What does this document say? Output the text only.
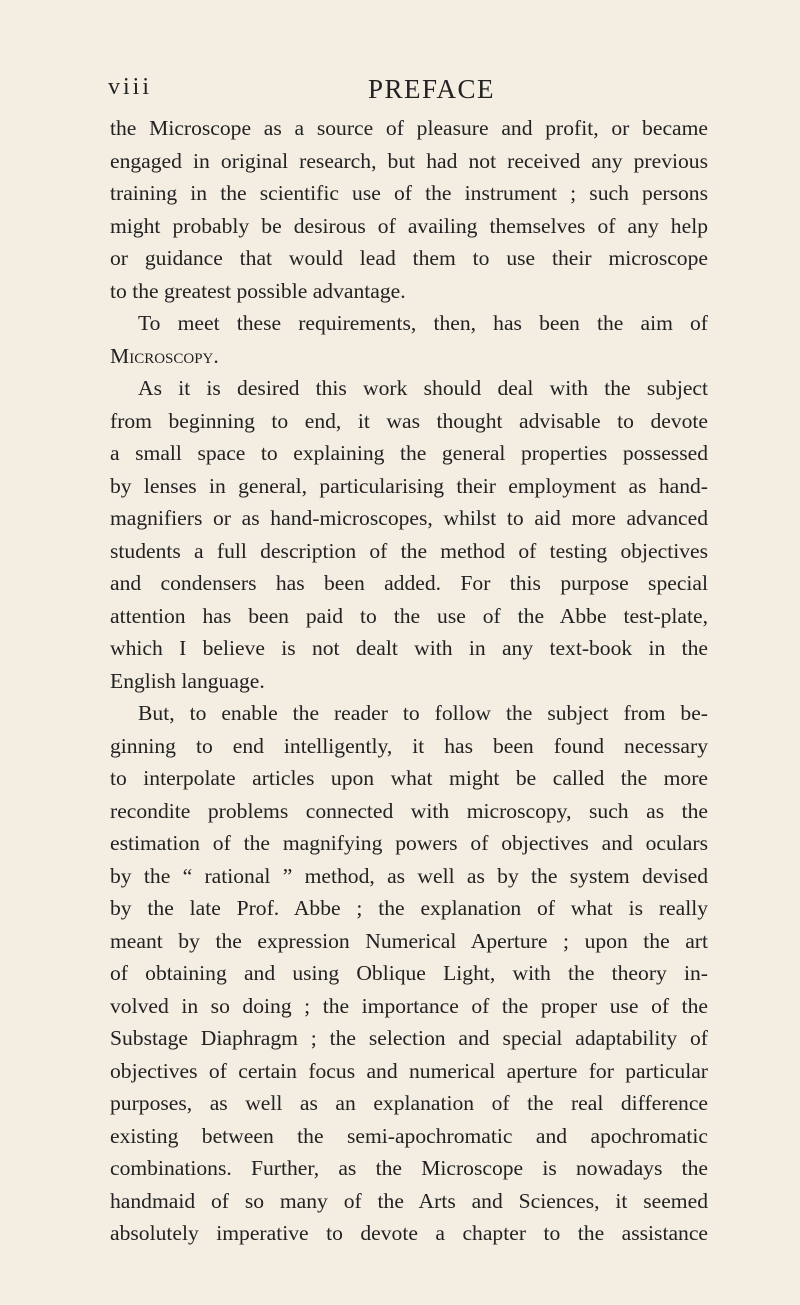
viii	PREFACE
the Microscope as a source of pleasure and profit, or became
engaged in original research, but had not received any previous
training in the scientific use of the instrument ; such persons
might probably be desirous of availing themselves of any help
or guidance that would lead them to use their microscope
to the greatest possible advantage.
To meet these requirements, then, has been the aim of
Microscopy.
As it is desired this work should deal with the subject
from beginning to end, it was thought advisable to devote
a small space to explaining the general properties possessed
by lenses in general, particularising their employment as hand-
magnifiers or as hand-microscopes, whilst to aid more advanced
students a full description of the method of testing objectives
and condensers has been added. For this purpose special
attention has been paid to the use of the Abbe test-plate,
which I believe is not dealt with in any text-book in the
English language.
But, to enable the reader to follow the subject from be-
ginning to end intelligently, it has been found necessary
to interpolate articles upon what might be called the more
recondite problems connected with microscopy, such as the
estimation of the magnifying powers of objectives and oculars
by the “ rational ” method, as well as by the system devised
by the late Prof. Abbe ; the explanation of what is really
meant by the expression Numerical Aperture ; upon the art
of obtaining and using Oblique Light, with the theory in-
volved in so doing ; the importance of the proper use of the
Substage Diaphragm ; the selection and special adaptability of
objectives of certain focus and numerical aperture for particular
purposes, as well as an explanation of the real difference
existing between the semi-apochromatic and apochromatic
combinations. Further, as the Microscope is nowadays the
handmaid of so many of the Arts and Sciences, it seemed
absolutely imperative to devote a chapter to the assistance
